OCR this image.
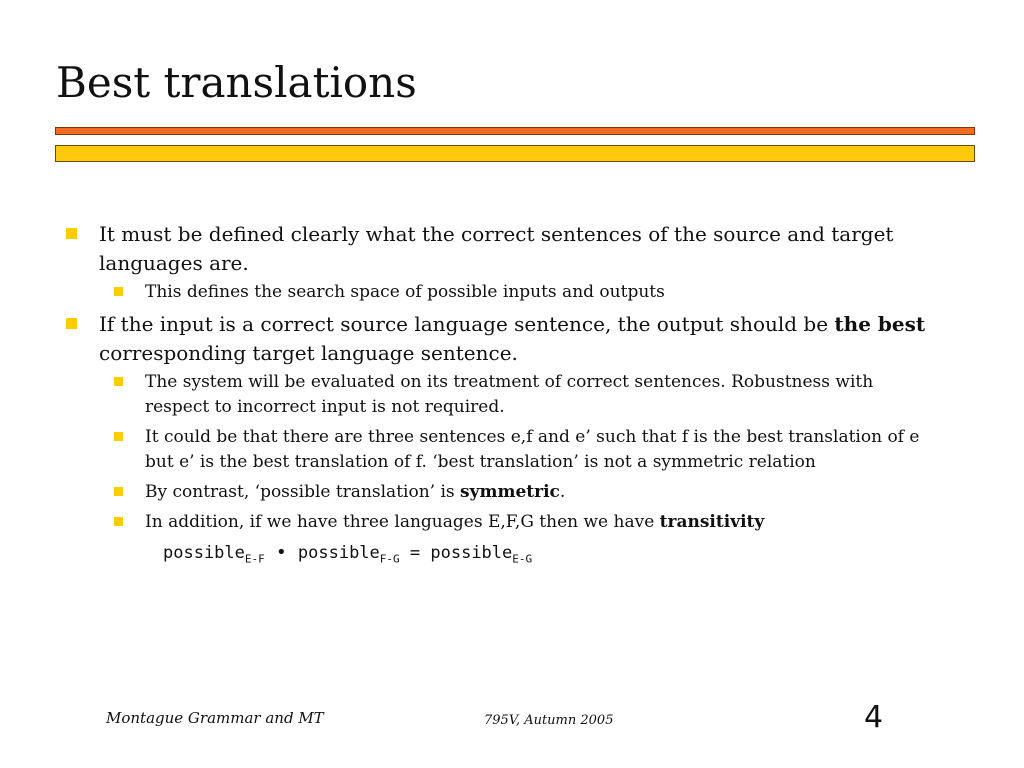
Best translations
It must be defined clearly what the correct sentences of the source and target languages are.
This defines the search space of possible inputs and outputs
If the input is a correct source language sentence, the output should be the best corresponding target language sentence.
The system will be evaluated on its treatment of correct sentences. Robustness with respect to incorrect input is not required.
It could be that there are three sentences e,f and e’ such that f is the best translation of e but e’ is the best translation of f. ‘best translation’ is not a symmetric relation
By contrast, ‘possible translation’ is symmetric.
In addition, if we have three languages E,F,G then we have transitivity
possible$_{E-F}$ • possible$_{F-G}$ = possible$_{E-G}$
Montague Grammar and MT	795V, Autumn 2005	4
